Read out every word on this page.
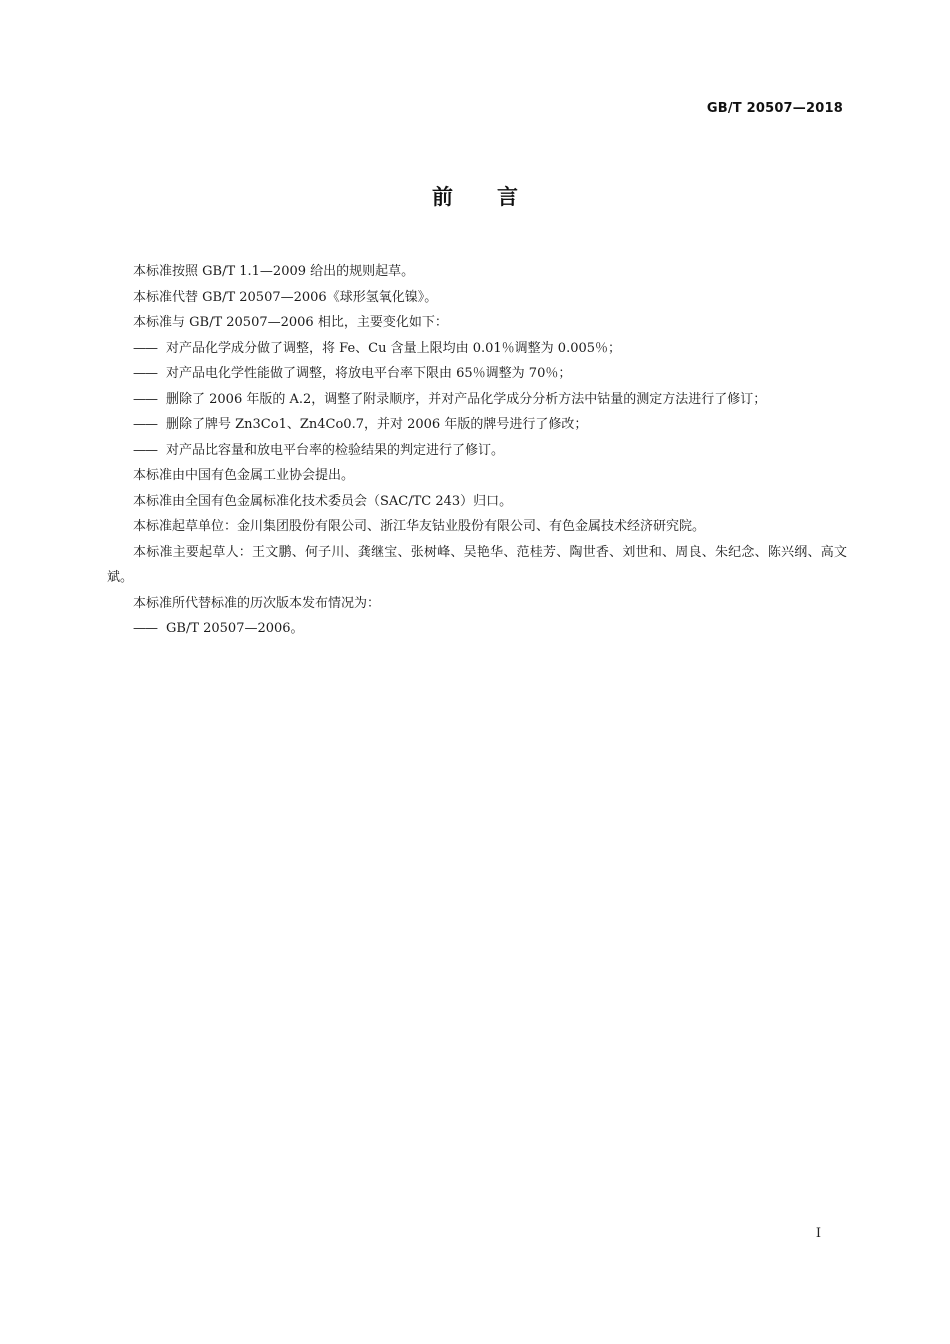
GB/T 20507—2018
前言

本标准按照 GB/T 1.1—2009 给出的规则起草。

本标准代替 GB/T 20507—2006《球形氢氧化镍》。

本标准与 GB/T 20507—2006 相比，主要变化如下：

—— 对产品化学成分做了调整，将 Fe、Cu 含量上限均由 0.01％调整为 0.005％；

—— 对产品电化学性能做了调整，将放电平台率下限由 65％调整为 70％；

—— 删除了 2006 年版的 A.2，调整了附录顺序，并对产品化学成分分析方法中钴量的测定方法进行了修订；

—— 删除了牌号 Zn3Co1、Zn4Co0.7，并对 2006 年版的牌号进行了修改；

—— 对产品比容量和放电平台率的检验结果的判定进行了修订。

本标准由中国有色金属工业协会提出。

本标准由全国有色金属标准化技术委员会（SAC/TC 243）归口。

本标准起草单位：金川集团股份有限公司、浙江华友钴业股份有限公司、有色金属技术经济研究院。

本标准主要起草人：王文鹏、何子川、龚继宝、张树峰、吴艳华、范桂芳、陶世香、刘世和、周良、朱纪念、陈兴纲、高文斌。

本标准所代替标准的历次版本发布情况为：

—— GB/T 20507—2006。

I
